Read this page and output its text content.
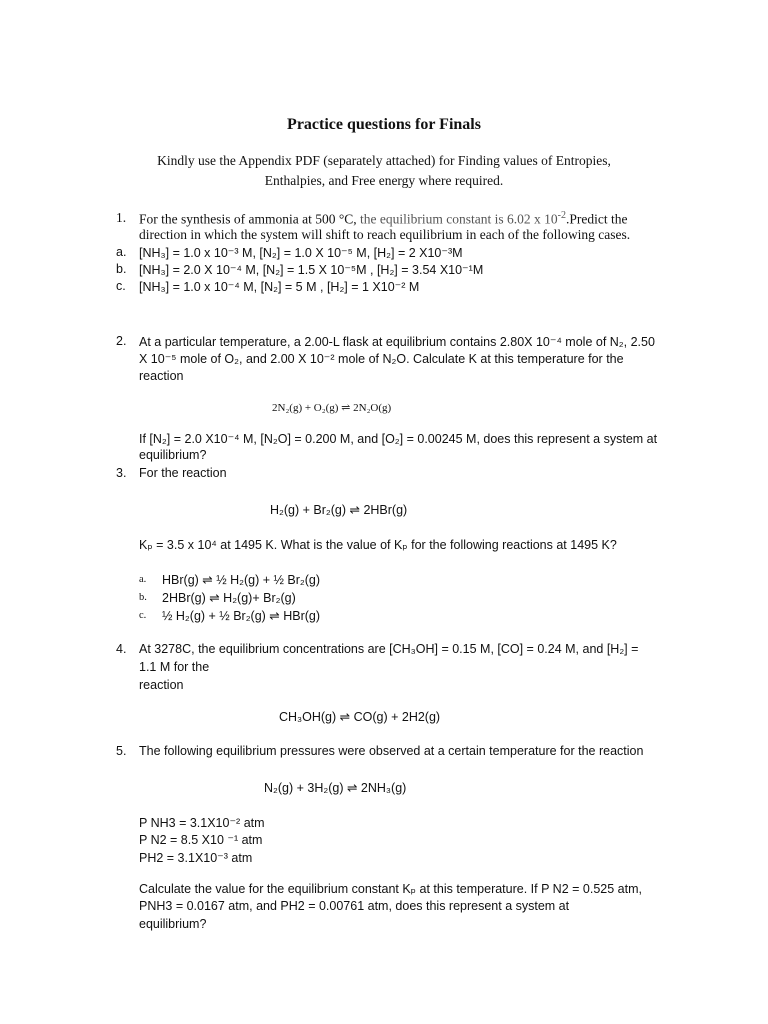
Practice questions for Finals
Kindly use the Appendix PDF (separately attached) for Finding values of Entropies,
Enthalpies, and Free energy where required.
1. For the synthesis of ammonia at 500 °C, the equilibrium constant is 6.02 x $10^{-2}.Predict$ the
direction in which the system will shift to reach equilibrium in each of the following cases.
a. [NH₃] = 1.0 x 10⁻³ M, [N₂] = 1.0 X 10⁻⁵ M, [H₂] = 2 X10⁻³M
b. [NH₃] = 2.0 X 10⁻⁴ M, [N₂] = 1.5 X 10⁻⁵M , [H₂] = 3.54 X10⁻¹M
c. [NH₃] = 1.0 x 10⁻⁴ M, [N₂] = 5 M , [H₂] = 1 X10⁻² M
2. At a particular temperature, a 2.00-L flask at equilibrium contains 2.80X 10⁻⁴ mole of N₂, 2.50
X 10⁻⁵ mole of O₂, and 2.00 X 10⁻² mole of N₂O. Calculate K at this temperature for the
reaction
2N₂(g) + O₂(g) ⇌ 2N₂O(g)
If [N₂] = 2.0 X10⁻⁴ M, [N₂O] = 0.200 M, and [O₂] = 0.00245 M, does this represent a system at
equilibrium?
3. For the reaction
H₂(g) + Br₂(g) ⇌ 2HBr(g)
Kₚ = 3.5 x 10⁴ at 1495 K. What is the value of Kₚ for the following reactions at 1495 K?
a. HBr(g) ⇌ ½ H₂(g) + ½ Br₂(g)
b. 2HBr(g) ⇌ H₂(g)+ Br₂(g)
c. ½ H₂(g) + ½ Br₂(g) ⇌ HBr(g)
4. At 3278C, the equilibrium concentrations are [CH₃OH] = 0.15 M, [CO] = 0.24 M, and [H₂] =
1.1 M for the
reaction
CH₃OH(g) ⇌ CO(g) + 2H2(g)
5. The following equilibrium pressures were observed at a certain temperature for the reaction
N₂(g) + 3H₂(g) ⇌ 2NH₃(g)
P NH3 = 3.1X10⁻² atm
P N2 = 8.5 X10 ⁻¹ atm
PH2 = 3.1X10⁻³ atm
Calculate the value for the equilibrium constant Kₚ at this temperature. If P N2 = 0.525 atm,
PNH3 = 0.0167 atm, and PH2 = 0.00761 atm, does this represent a system at
equilibrium?
